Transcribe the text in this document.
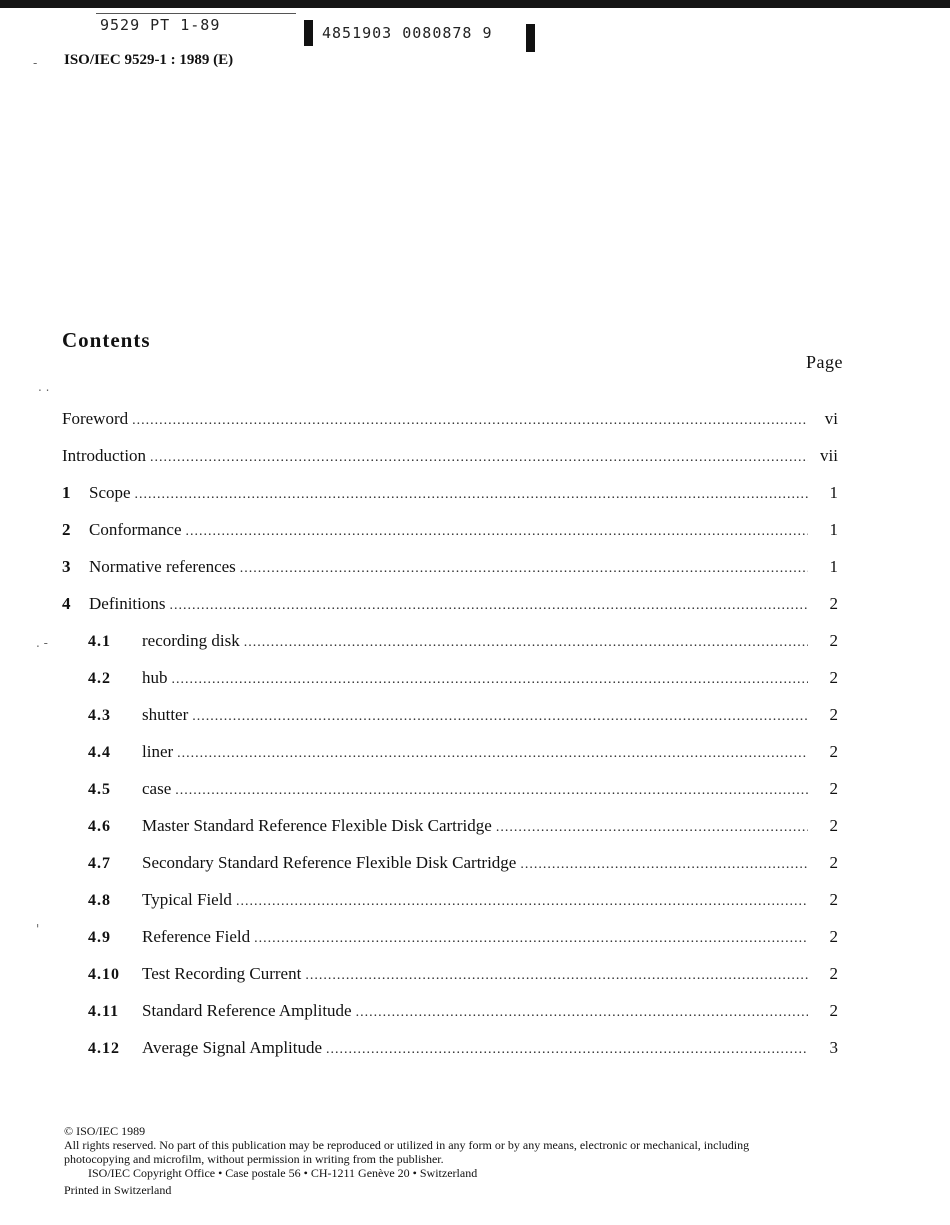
9529 PT 1-89	4851903 0080878 9
- ISO/IEC 9529-1 : 1989 (E)
Contents
Page
. .
. -
'
Foreword .....	vi
Introduction .....	vii
1	Scope .....	1
2	Conformance .....	1
3	Normative references .....	1
4	Definitions .....	2
4.1	recording disk .....	2
4.2	hub .....	2
4.3	shutter .....	2
4.4	liner .....	2
4.5	case .....	2
4.6	Master Standard Reference Flexible Disk Cartridge .....	2
4.7	Secondary Standard Reference Flexible Disk Cartridge .....	2
4.8	Typical Field .....	2
4.9	Reference Field .....	2
4.10	Test Recording Current .....	2
4.11	Standard Reference Amplitude .....	2
4.12	Average Signal Amplitude .....	3
© ISO/IEC 1989
All rights reserved. No part of this publication may be reproduced or utilized in any form or by any means, electronic or mechanical, including
photocopying and microfilm, without permission in writing from the publisher.
ISO/IEC Copyright Office • Case postale 56 • CH-1211 Genève 20 • Switzerland
Printed in Switzerland
